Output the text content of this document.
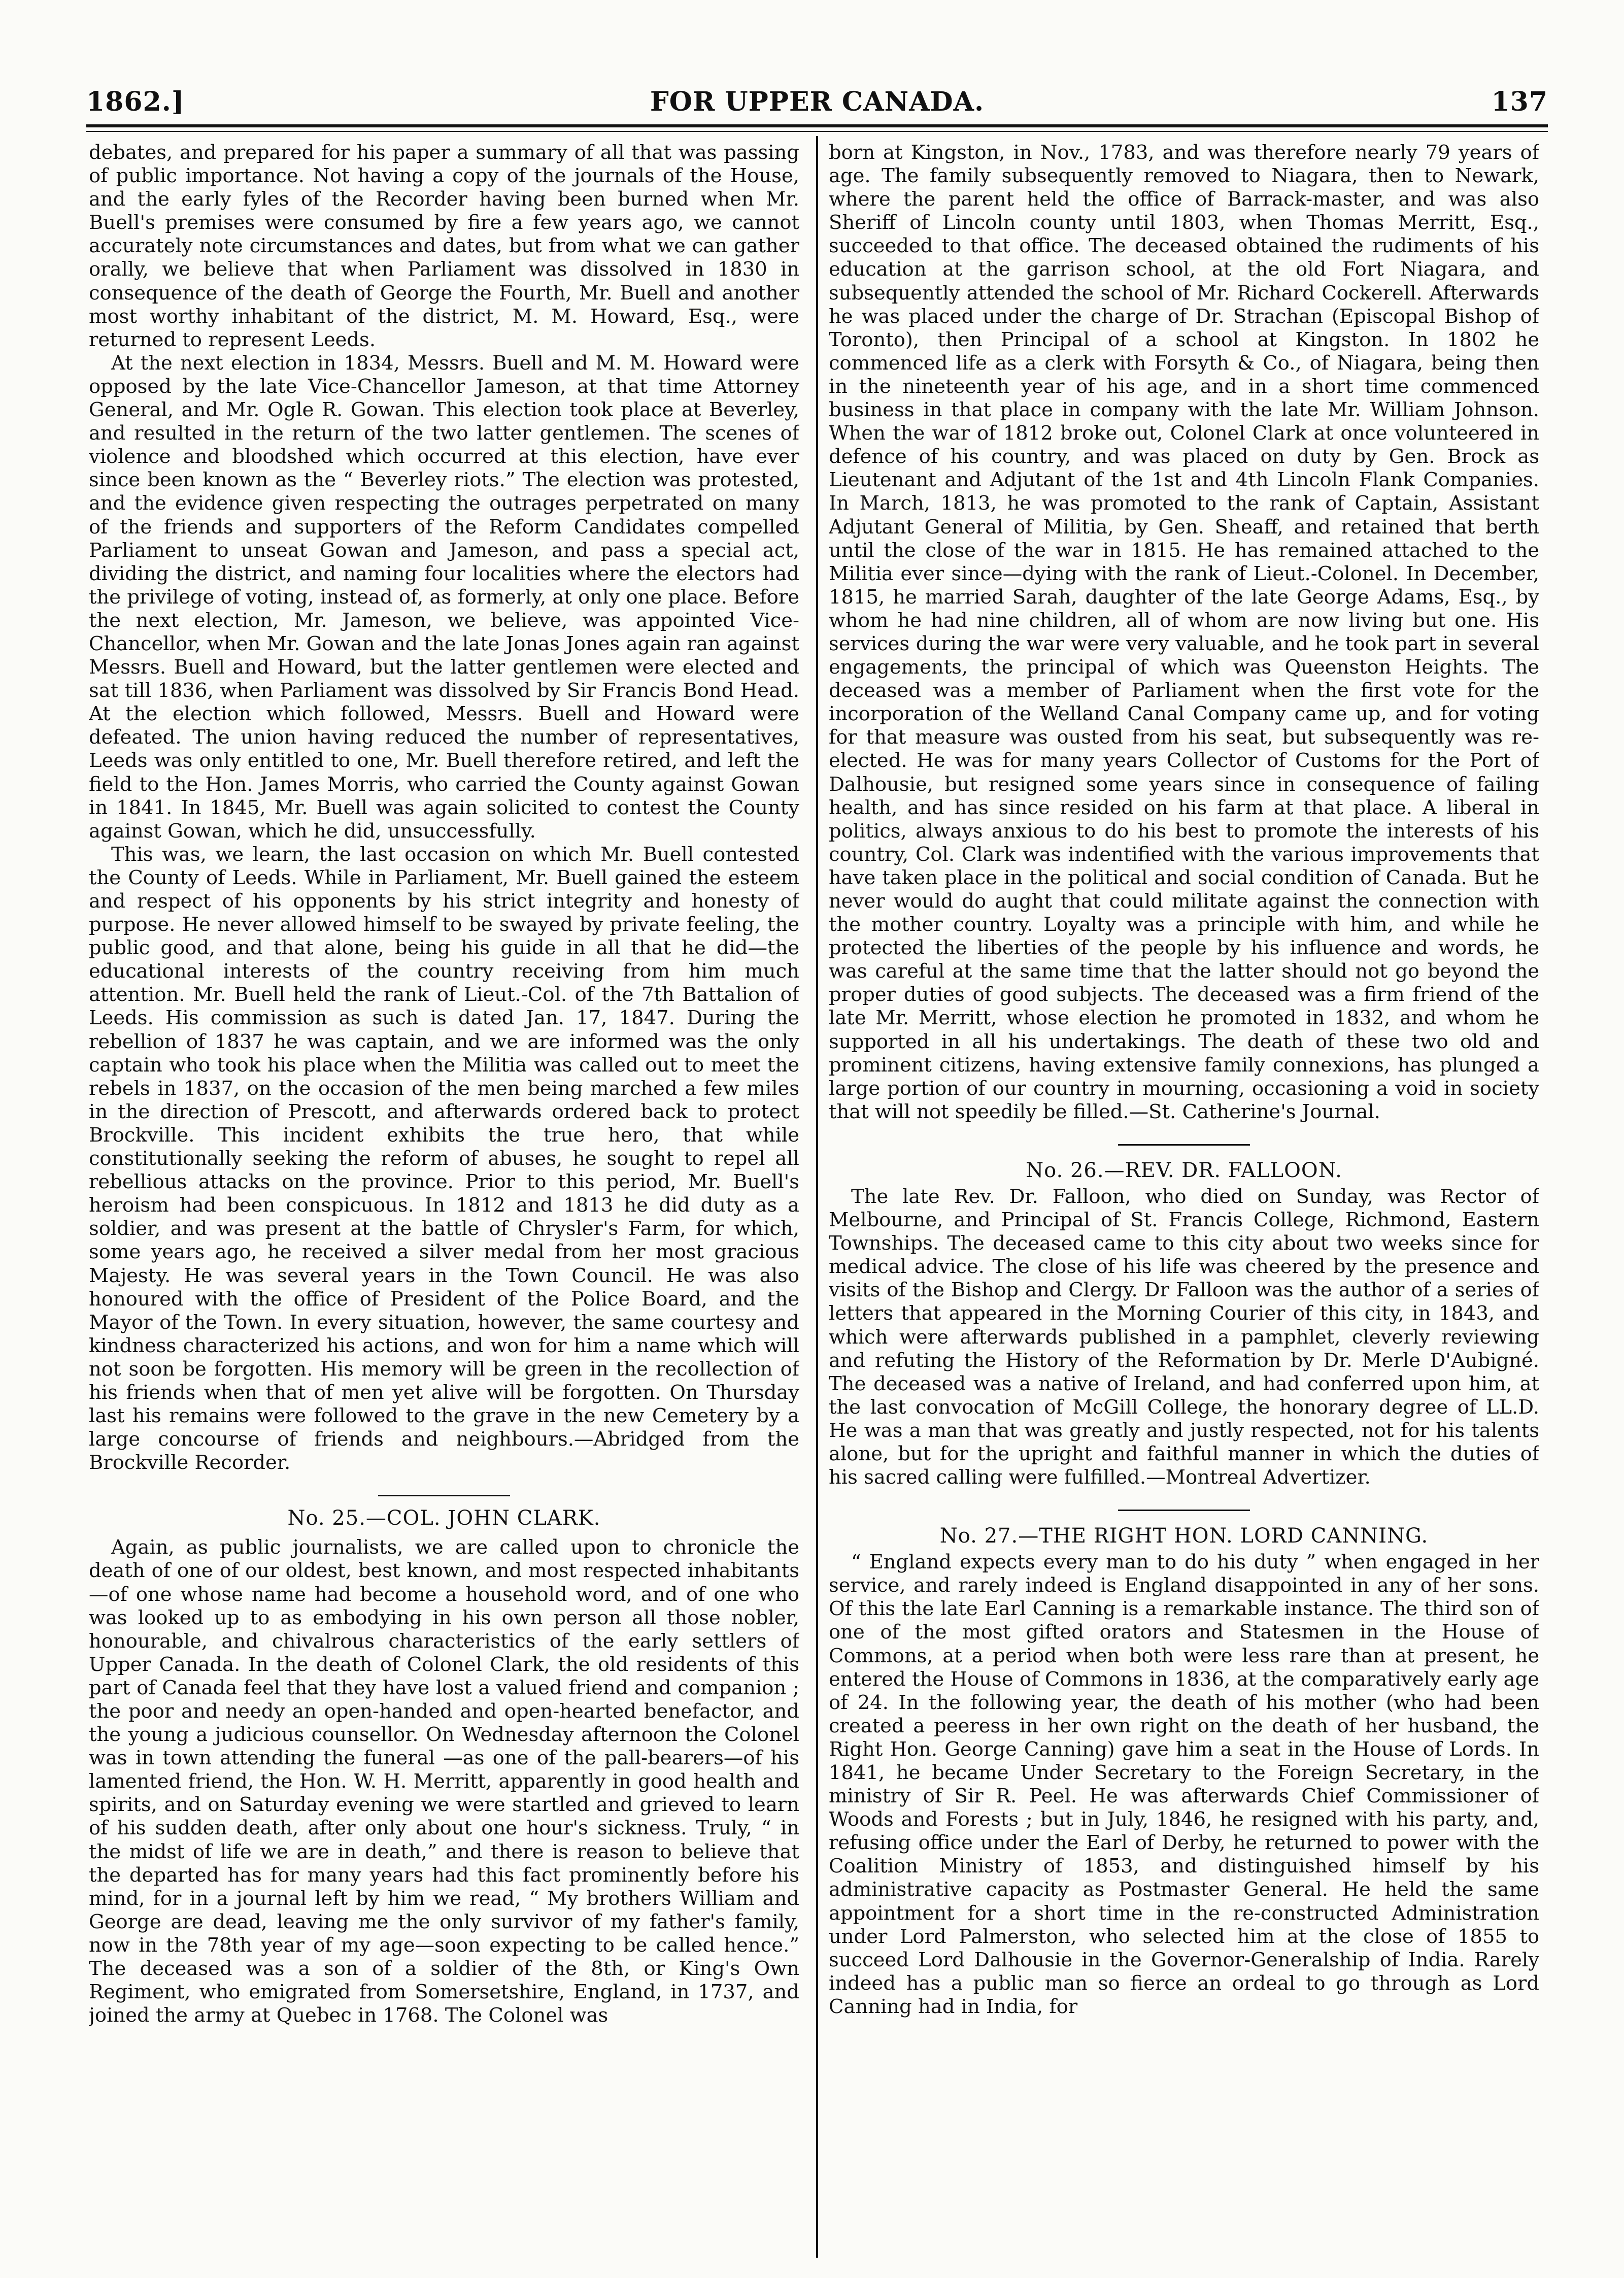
1862.]	FOR UPPER CANADA.	137

debates, and prepared for his paper a summary of all that was passing of public importance. Not having a copy of the journals of the House, and the early fyles of the Recorder having been burned when Mr. Buell's premises were consumed by fire a few years ago, we cannot accurately note circumstances and dates, but from what we can gather orally, we believe that when Parliament was dissolved in 1830 in consequence of the death of George the Fourth, Mr. Buell and another most worthy inhabitant of the district, M. M. Howard, Esq., were returned to represent Leeds.

At the next election in 1834, Messrs. Buell and M. M. Howard were opposed by the late Vice-Chancellor Jameson, at that time Attorney General, and Mr. Ogle R. Gowan. This election took place at Beverley, and resulted in the return of the two latter gentlemen. The scenes of violence and bloodshed which occurred at this election, have ever since been known as the “ Beverley riots.” The election was protested, and the evidence given respecting the outrages perpetrated on many of the friends and supporters of the Reform Candidates compelled Parliament to unseat Gowan and Jameson, and pass a special act, dividing the district, and naming four localities where the electors had the privilege of voting, instead of, as formerly, at only one place. Before the next election, Mr. Jameson, we believe, was appointed Vice-Chancellor, when Mr. Gowan and the late Jonas Jones again ran against Messrs. Buell and Howard, but the latter gentlemen were elected and sat till 1836, when Parliament was dissolved by Sir Francis Bond Head. At the election which followed, Messrs. Buell and Howard were defeated. The union having reduced the number of representatives, Leeds was only entitled to one, Mr. Buell therefore retired, and left the field to the Hon. James Morris, who carried the County against Gowan in 1841. In 1845, Mr. Buell was again solicited to contest the County against Gowan, which he did, unsuccessfully.

This was, we learn, the last occasion on which Mr. Buell contested the County of Leeds. While in Parliament, Mr. Buell gained the esteem and respect of his opponents by his strict integrity and honesty of purpose. He never allowed himself to be swayed by private feeling, the public good, and that alone, being his guide in all that he did—the educational interests of the country receiving from him much attention. Mr. Buell held the rank of Lieut.-Col. of the 7th Battalion of Leeds. His commission as such is dated Jan. 17, 1847. During the rebellion of 1837 he was captain, and we are informed was the only captain who took his place when the Militia was called out to meet the rebels in 1837, on the occasion of the men being marched a few miles in the direction of Prescott, and afterwards ordered back to protect Brockville. This incident exhibits the true hero, that while constitutionally seeking the reform of abuses, he sought to repel all rebellious attacks on the province. Prior to this period, Mr. Buell's heroism had been conspicuous. In 1812 and 1813 he did duty as a soldier, and was present at the battle of Chrysler's Farm, for which, some years ago, he received a silver medal from her most gracious Majesty. He was several years in the Town Council. He was also honoured with the office of President of the Police Board, and the Mayor of the Town. In every situation, however, the same courtesy and kindness characterized his actions, and won for him a name which will not soon be forgotten. His memory will be green in the recollection of his friends when that of men yet alive will be forgotten. On Thursday last his remains were followed to the grave in the new Cemetery by a large concourse of friends and neighbours.—Abridged from the Brockville Recorder.

No. 25.—COL. JOHN CLARK.

Again, as public journalists, we are called upon to chronicle the death of one of our oldest, best known, and most respected inhabitants—of one whose name had become a household word, and of one who was looked up to as embodying in his own person all those nobler, honourable, and chivalrous characteristics of the early settlers of Upper Canada. In the death of Colonel Clark, the old residents of this part of Canada feel that they have lost a valued friend and companion ; the poor and needy an open-handed and open-hearted benefactor, and the young a judicious counsellor. On Wednesday afternoon the Colonel was in town attending the funeral —as one of the pall-bearers—of his lamented friend, the Hon. W. H. Merritt, apparently in good health and spirits, and on Saturday evening we were startled and grieved to learn of his sudden death, after only about one hour's sickness. Truly, “ in the midst of life we are in death,” and there is reason to believe that the departed has for many years had this fact prominently before his mind, for in a journal left by him we read, “ My brothers William and George are dead, leaving me the only survivor of my father's family, now in the 78th year of my age—soon expecting to be called hence.” The deceased was a son of a soldier of the 8th, or King's Own Regiment, who emigrated from Somersetshire, England, in 1737, and joined the army at Quebec in 1768. The Colonel was

born at Kingston, in Nov., 1783, and was therefore nearly 79 years of age. The family subsequently removed to Niagara, then to Newark, where the parent held the office of Barrack-master, and was also Sheriff of Lincoln county until 1803, when Thomas Merritt, Esq., succeeded to that office. The deceased obtained the rudiments of his education at the garrison school, at the old Fort Niagara, and subsequently attended the school of Mr. Richard Cockerell. Afterwards he was placed under the charge of Dr. Strachan (Episcopal Bishop of Toronto), then Principal of a school at Kingston. In 1802 he commenced life as a clerk with Forsyth & Co., of Niagara, being then in the nineteenth year of his age, and in a short time commenced business in that place in company with the late Mr. William Johnson. When the war of 1812 broke out, Colonel Clark at once volunteered in defence of his country, and was placed on duty by Gen. Brock as Lieutenant and Adjutant of the 1st and 4th Lincoln Flank Companies. In March, 1813, he was promoted to the rank of Captain, Assistant Adjutant General of Militia, by Gen. Sheaff, and retained that berth until the close of the war in 1815. He has remained attached to the Militia ever since—dying with the rank of Lieut.-Colonel. In December, 1815, he married Sarah, daughter of the late George Adams, Esq., by whom he had nine children, all of whom are now living but one. His services during the war were very valuable, and he took part in several engagements, the principal of which was Queenston Heights. The deceased was a member of Parliament when the first vote for the incorporation of the Welland Canal Company came up, and for voting for that measure was ousted from his seat, but subsequently was re-elected. He was for many years Collector of Customs for the Port of Dalhousie, but resigned some years since in consequence of failing health, and has since resided on his farm at that place. A liberal in politics, always anxious to do his best to promote the interests of his country, Col. Clark was indentified with the various improvements that have taken place in the political and social condition of Canada. But he never would do aught that could militate against the connection with the mother country. Loyalty was a principle with him, and while he protected the liberties of the people by his influence and words, he was careful at the same time that the latter should not go beyond the proper duties of good subjects. The deceased was a firm friend of the late Mr. Merritt, whose election he promoted in 1832, and whom he supported in all his undertakings. The death of these two old and prominent citizens, having extensive family connexions, has plunged a large portion of our country in mourning, occasioning a void in society that will not speedily be filled.—St. Catherine's Journal.

No. 26.—REV. DR. FALLOON.

The late Rev. Dr. Falloon, who died on Sunday, was Rector of Melbourne, and Principal of St. Francis College, Richmond, Eastern Townships. The deceased came to this city about two weeks since for medical advice. The close of his life was cheered by the presence and visits of the Bishop and Clergy. Dr Falloon was the author of a series of letters that appeared in the Morning Courier of this city, in 1843, and which were afterwards published in a pamphlet, cleverly reviewing and refuting the History of the Reformation by Dr. Merle D'Aubigné. The deceased was a native of Ireland, and had conferred upon him, at the last convocation of McGill College, the honorary degree of LL.D. He was a man that was greatly and justly respected, not for his talents alone, but for the upright and faithful manner in which the duties of his sacred calling were fulfilled.—Montreal Advertizer.

No. 27.—THE RIGHT HON. LORD CANNING.

“ England expects every man to do his duty ” when engaged in her service, and rarely indeed is England disappointed in any of her sons. Of this the late Earl Canning is a remarkable instance. The third son of one of the most gifted orators and Statesmen in the House of Commons, at a period when both were less rare than at present, he entered the House of Commons in 1836, at the comparatively early age of 24. In the following year, the death of his mother (who had been created a peeress in her own right on the death of her husband, the Right Hon. George Canning) gave him a seat in the House of Lords. In 1841, he became Under Secretary to the Foreign Secretary, in the ministry of Sir R. Peel. He was afterwards Chief Commissioner of Woods and Forests ; but in July, 1846, he resigned with his party, and, refusing office under the Earl of Derby, he returned to power with the Coalition Ministry of 1853, and distinguished himself by his administrative capacity as Postmaster General. He held the same appointment for a short time in the re-constructed Administration under Lord Palmerston, who selected him at the close of 1855 to succeed Lord Dalhousie in the Governor-Generalship of India. Rarely indeed has a public man so fierce an ordeal to go through as Lord Canning had in India, for
